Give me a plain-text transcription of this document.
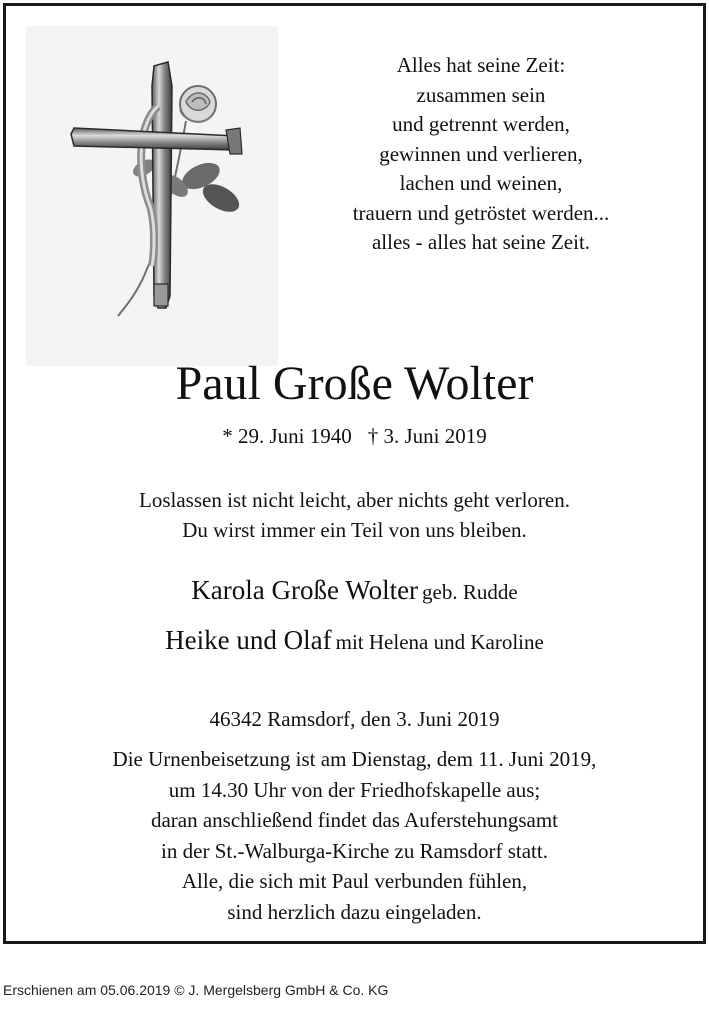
Alles hat seine Zeit:
zusammen sein
und getrennt werden,
gewinnen und verlieren,
lachen und weinen,
trauern und getröstet werden...
alles - alles hat seine Zeit.
Paul Große Wolter
* 29. Juni 1940 † 3. Juni 2019
Loslassen ist nicht leicht, aber nichts geht verloren.
Du wirst immer ein Teil von uns bleiben.
Karola Große Wolter geb. Rudde
Heike und Olaf mit Helena und Karoline
46342 Ramsdorf, den 3. Juni 2019
Die Urnenbeisetzung ist am Dienstag, dem 11. Juni 2019,
um 14.30 Uhr von der Friedhofskapelle aus;
daran anschließend findet das Auferstehungsamt
in der St.-Walburga-Kirche zu Ramsdorf statt.
Alle, die sich mit Paul verbunden fühlen,
sind herzlich dazu eingeladen.
Erschienen am 05.06.2019 © J. Mergelsberg GmbH & Co. KG
